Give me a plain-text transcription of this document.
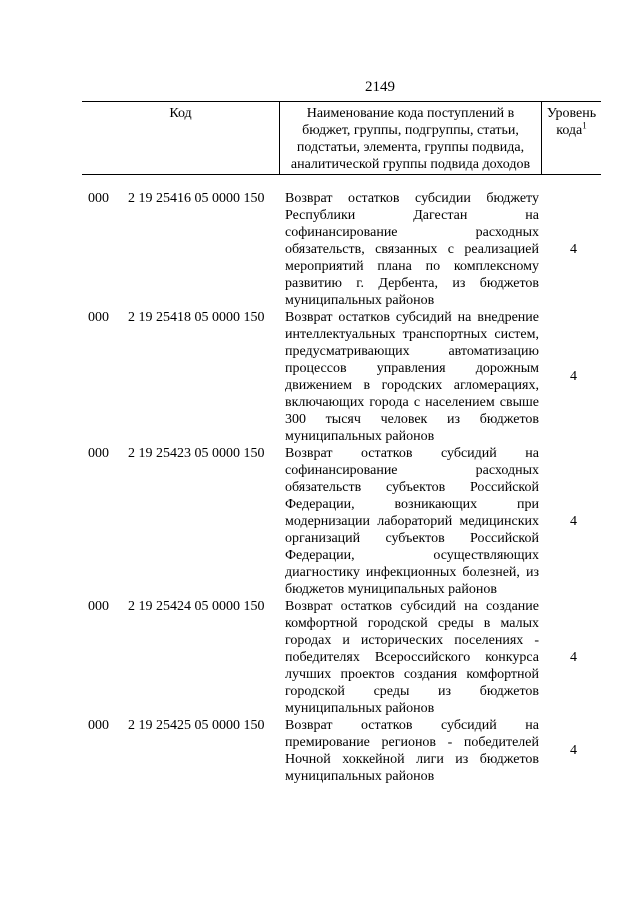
2149
Код	Наименование кода поступлений в бюджет, группы, подгруппы, статьи, подстатьи, элемента, группы подвида, аналитической группы подвида доходов
Уровень
кода$^1$
000 2 19 25416 05 0000 150 Возврат остатков субсидии бюджету Республики Дагестан на софинансирование расходных обязательств, связанных с реализацией мероприятий плана по комплексному развитию г. Дербента, из бюджетов муниципальных районов
4
000 2 19 25418 05 0000 150 Возврат остатков субсидий на внедрение интеллектуальных транспортных систем, предусматривающих автоматизацию процессов управления дорожным движением в городских агломерациях, включающих города с населением свыше 300 тысяч человек из бюджетов муниципальных районов
4
000 2 19 25423 05 0000 150 Возврат остатков субсидий на софинансирование расходных обязательств субъектов Российской Федерации, возникающих при модернизации лабораторий медицинских организаций субъектов Российской Федерации, осуществляющих диагностику инфекционных болезней, из бюджетов муниципальных районов
4
000 2 19 25424 05 0000 150 Возврат остатков субсидий на создание комфортной городской среды в малых городах и исторических поселениях - победителях Всероссийского конкурса лучших проектов создания комфортной городской среды из бюджетов муниципальных районов
4
000 2 19 25425 05 0000 150 Возврат остатков субсидий на премирование регионов - победителей Ночной хоккейной лиги из бюджетов муниципальных районов
4
